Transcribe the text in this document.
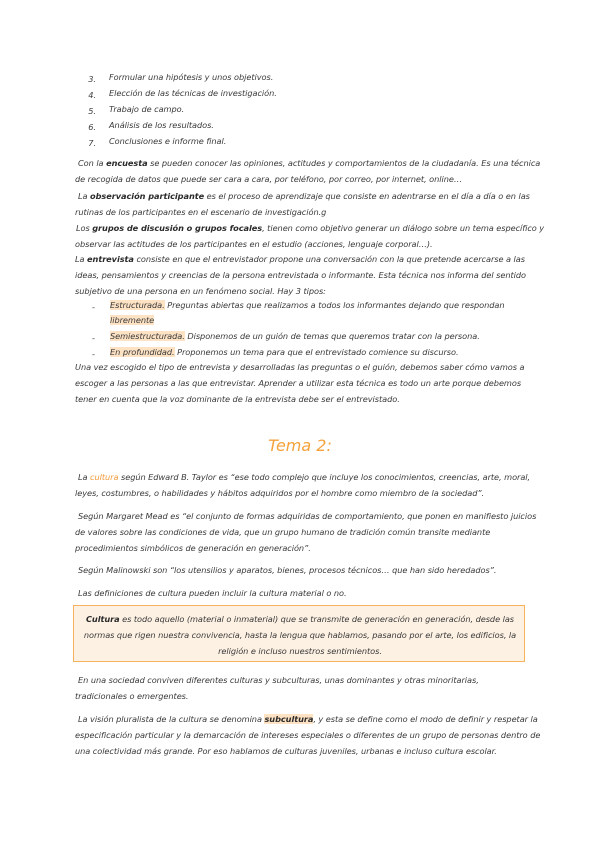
3. Formular una hipótesis y unos objetivos.
4. Elección de las técnicas de investigación.
5. Trabajo de campo.
6. Análisis de los resultados.
7. Conclusiones e informe final.
Con la encuesta se pueden conocer las opiniones, actitudes y comportamientos de la ciudadanía. Es una técnica
de recogida de datos que puede ser cara a cara, por teléfono, por correo, por internet, online…
La observación participante es el proceso de aprendizaje que consiste en adentrarse en el día a día o en las
rutinas de los participantes en el escenario de investigación.g
Los grupos de discusión o grupos focales, tienen como objetivo generar un diálogo sobre un tema específico y
observar las actitudes de los participantes en el estudio (acciones, lenguaje corporal…).
La entrevista consiste en que el entrevistador propone una conversación con la que pretende acercarse a las
ideas, pensamientos y creencias de la persona entrevistada o informante. Esta técnica nos informa del sentido
subjetivo de una persona en un fenómeno social. Hay 3 tipos:
- Estructurada. Preguntas abiertas que realizamos a todos los informantes dejando que respondan
libremente
- Semiestructurada. Disponemos de un guión de temas que queremos tratar con la persona.
- En profundidad. Proponemos un tema para que el entrevistado comience su discurso.
Una vez escogido el tipo de entrevista y desarrolladas las preguntas o el guión, debemos saber cómo vamos a
escoger a las personas a las que entrevistar. Aprender a utilizar esta técnica es todo un arte porque debemos
tener en cuenta que la voz dominante de la entrevista debe ser el entrevistado.
Tema 2:
La cultura según Edward B. Taylor es “ese todo complejo que incluye los conocimientos, creencias, arte, moral,
leyes, costumbres, o habilidades y hábitos adquiridos por el hombre como miembro de la sociedad”.
Según Margaret Mead es “el conjunto de formas adquiridas de comportamiento, que ponen en manifiesto juicios
de valores sobre las condiciones de vida, que un grupo humano de tradición común transite mediante
procedimientos simbólicos de generación en generación”.
Según Malinowski son “los utensilios y aparatos, bienes, procesos técnicos… que han sido heredados”.
Las definiciones de cultura pueden incluir la cultura material o no.
Cultura es todo aquello (material o inmaterial) que se transmite de generación en generación, desde las
normas que rigen nuestra convivencia, hasta la lengua que hablamos, pasando por el arte, los edificios, la
religión e incluso nuestros sentimientos.
En una sociedad conviven diferentes culturas y subculturas, unas dominantes y otras minoritarias,
tradicionales o emergentes.
La visión pluralista de la cultura se denomina subcultura, y esta se define como el modo de definir y respetar la
especificación particular y la demarcación de intereses especiales o diferentes de un grupo de personas dentro de
una colectividad más grande. Por eso hablamos de culturas juveniles, urbanas e incluso cultura escolar.
